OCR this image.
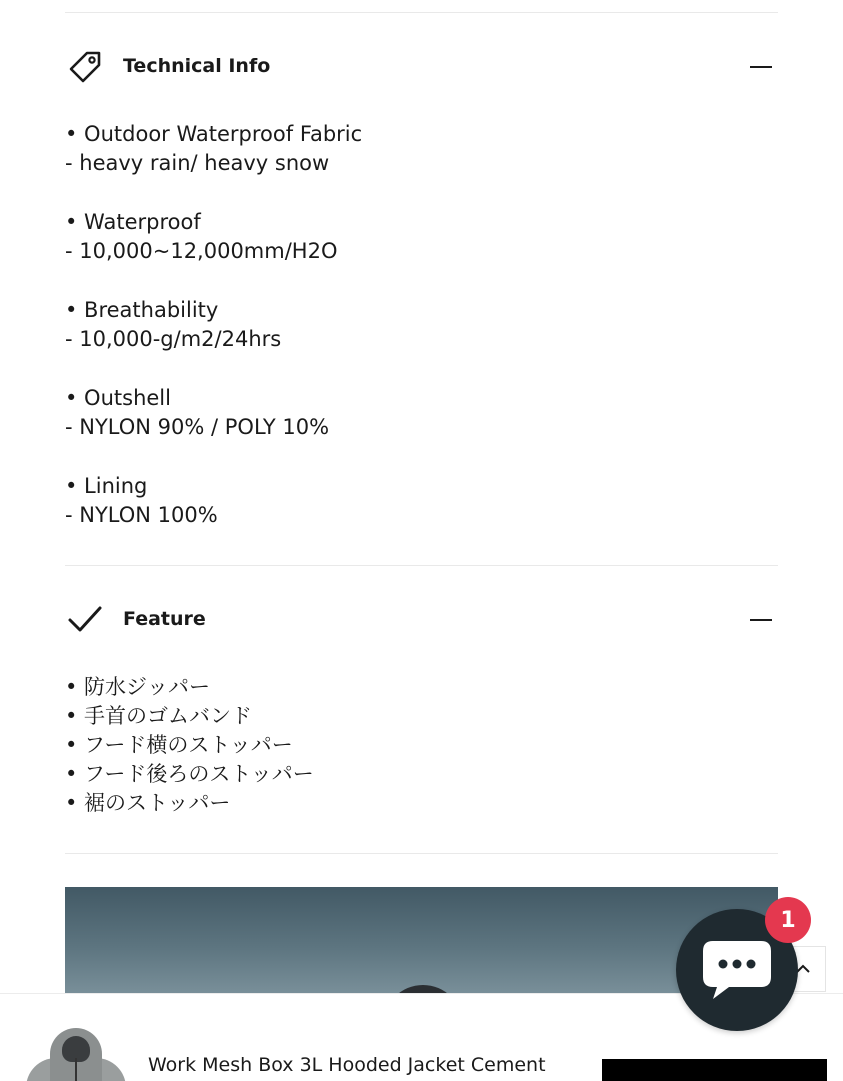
Technical Info
• Outdoor Waterproof Fabric
- heavy rain/ heavy snow
• Waterproof
- 10,000~12,000mm/H2O
• Breathability
- 10,000-g/m2/24hrs
• Outshell
- NYLON 90% / POLY 10%
• Lining
- NYLON 100%
Feature
• 防水ジッパー
• 手首のゴムバンド
• フード横のストッパー
• フード後ろのストッパー
• 裾のストッパー
Work Mesh Box 3L Hooded Jacket Cement
1
